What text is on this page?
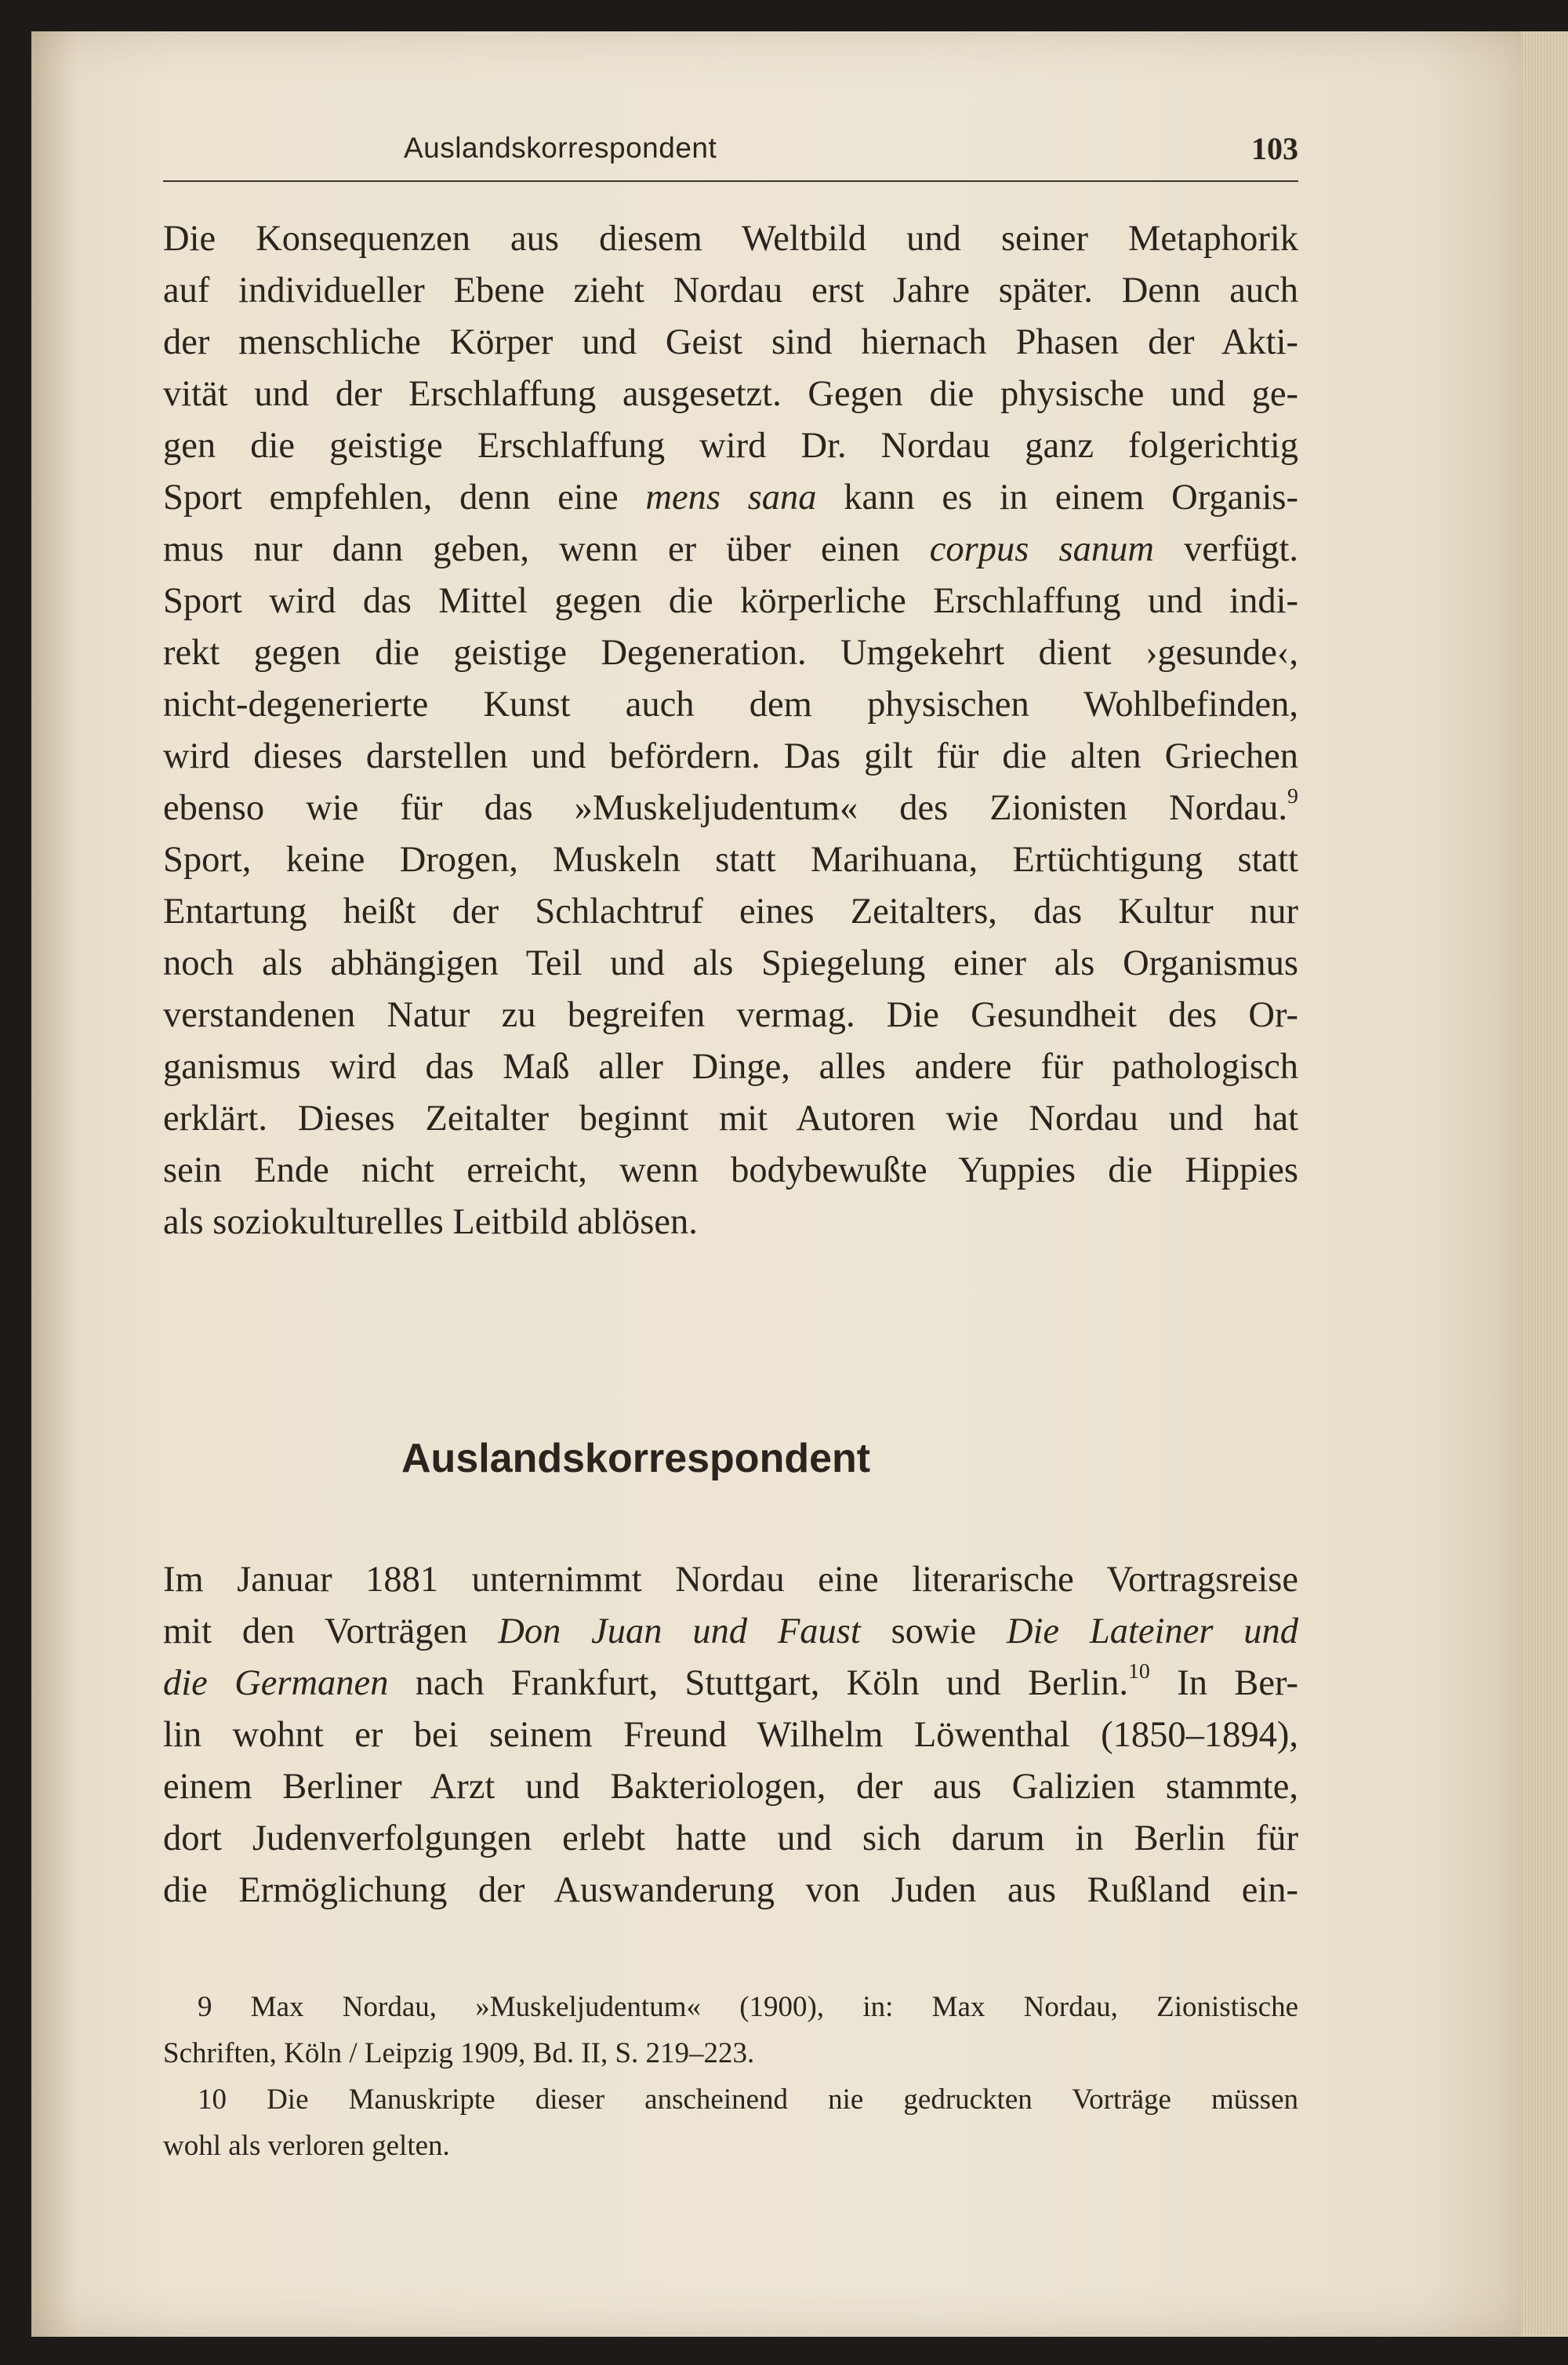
Auslandskorrespondent	103
Die Konsequenzen aus diesem Weltbild und seiner Metaphorik
auf individueller Ebene zieht Nordau erst Jahre später. Denn auch
der menschliche Körper und Geist sind hiernach Phasen der Akti-
vität und der Erschlaffung ausgesetzt. Gegen die physische und ge-
gen die geistige Erschlaffung wird Dr. Nordau ganz folgerichtig
Sport empfehlen, denn eine mens sana kann es in einem Organis-
mus nur dann geben, wenn er über einen corpus sanum verfügt.
Sport wird das Mittel gegen die körperliche Erschlaffung und indi-
rekt gegen die geistige Degeneration. Umgekehrt dient ›gesunde‹,
nicht-degenerierte Kunst auch dem physischen Wohlbefinden,
wird dieses darstellen und befördern. Das gilt für die alten Griechen
ebenso wie für das »Muskeljudentum« des Zionisten Nordau.$^9$
Sport, keine Drogen, Muskeln statt Marihuana, Ertüchtigung statt
Entartung heißt der Schlachtruf eines Zeitalters, das Kultur nur
noch als abhängigen Teil und als Spiegelung einer als Organismus
verstandenen Natur zu begreifen vermag. Die Gesundheit des Or-
ganismus wird das Maß aller Dinge, alles andere für pathologisch
erklärt. Dieses Zeitalter beginnt mit Autoren wie Nordau und hat
sein Ende nicht erreicht, wenn bodybewußte Yuppies die Hippies
als soziokulturelles Leitbild ablösen.
Auslandskorrespondent
Im Januar 1881 unternimmt Nordau eine literarische Vortragsreise
mit den Vorträgen Don Juan und Faust sowie Die Lateiner und
die Germanen nach Frankfurt, Stuttgart, Köln und Berlin.$^{10}$ In Ber-
lin wohnt er bei seinem Freund Wilhelm Löwenthal (1850–1894),
einem Berliner Arzt und Bakteriologen, der aus Galizien stammte,
dort Judenverfolgungen erlebt hatte und sich darum in Berlin für
die Ermöglichung der Auswanderung von Juden aus Rußland ein-
9 Max Nordau, »Muskeljudentum« (1900), in: Max Nordau, Zionistische
Schriften, Köln / Leipzig 1909, Bd. II, S. 219–223.
10 Die Manuskripte dieser anscheinend nie gedruckten Vorträge müssen
wohl als verloren gelten.
